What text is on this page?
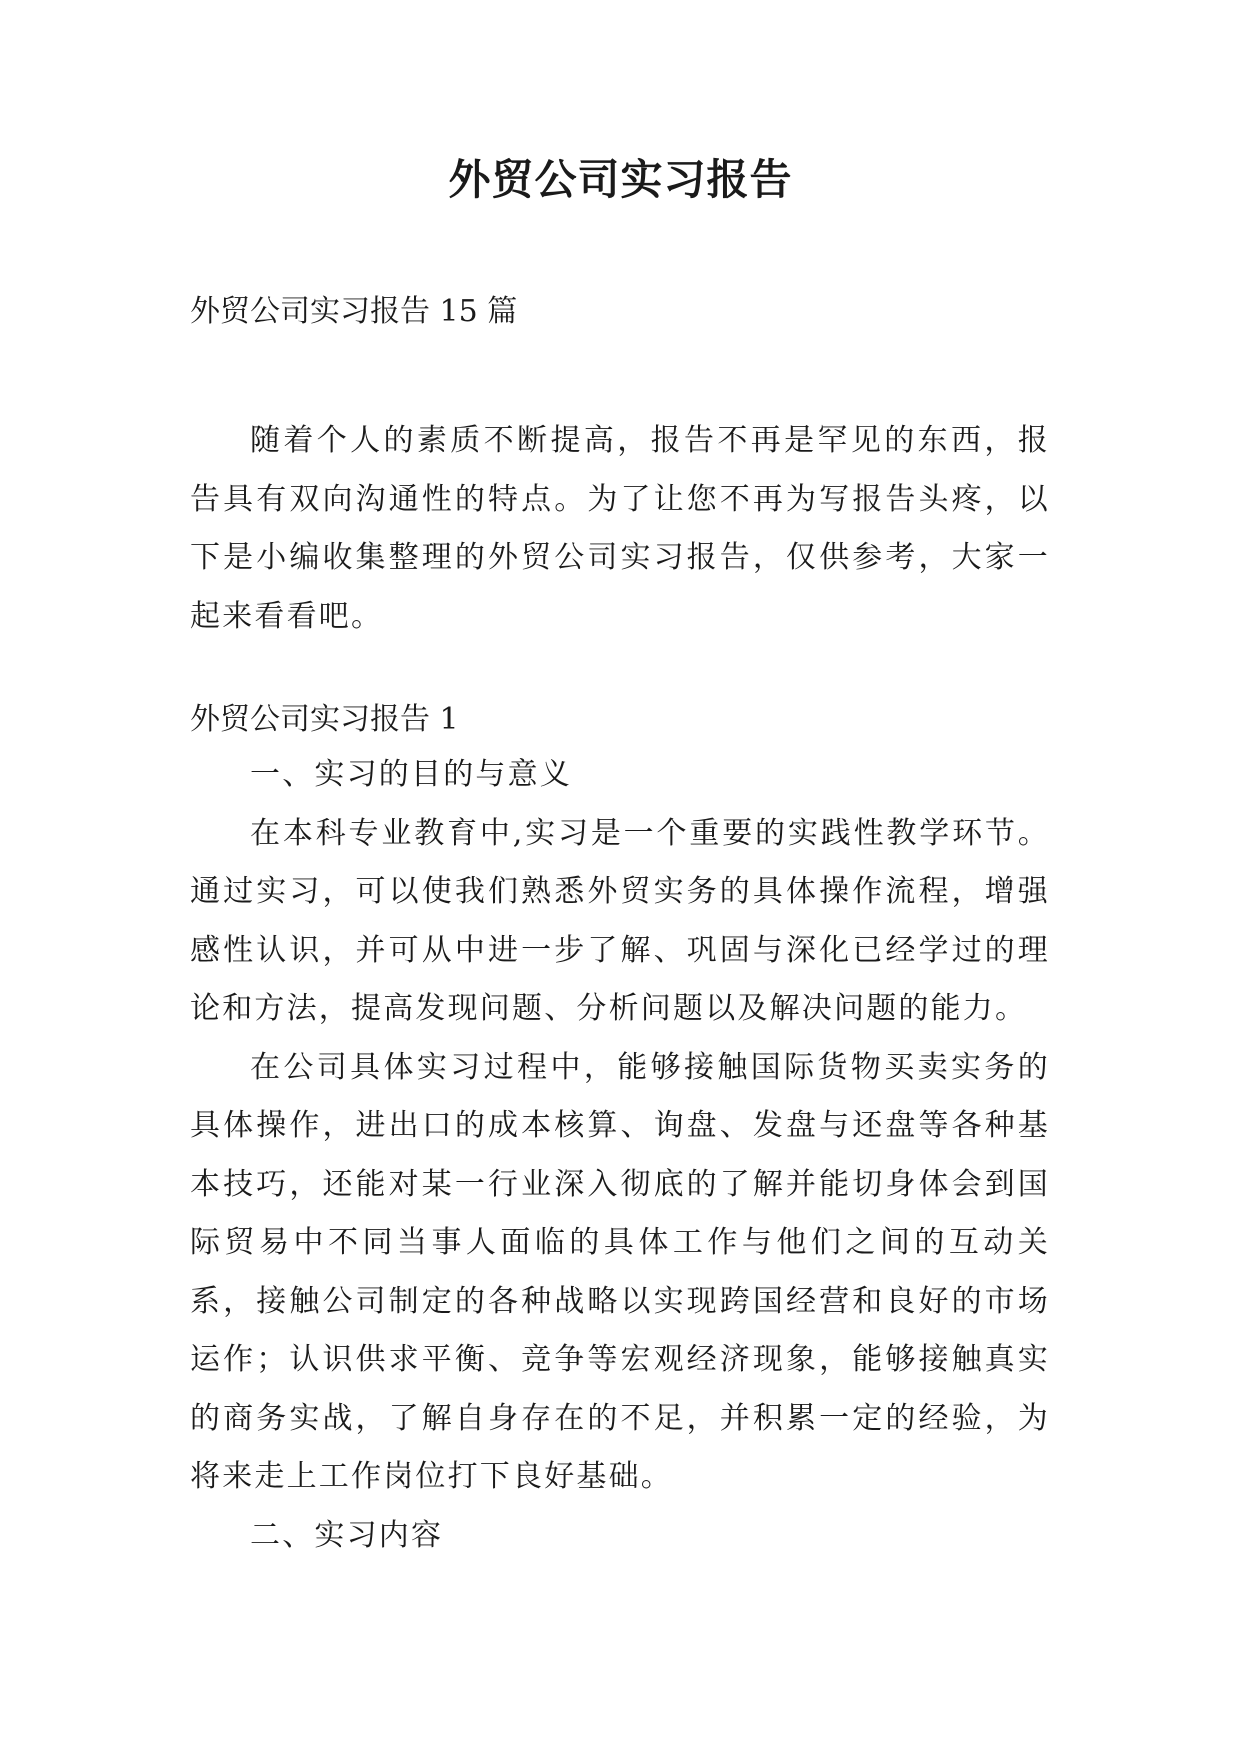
外贸公司实习报告
外贸公司实习报告 15 篇

随着个人的素质不断提高，报告不再是罕见的东西，报告具有双向沟通性的特点。为了让您不再为写报告头疼，以下是小编收集整理的外贸公司实习报告，仅供参考，大家一起来看看吧。

外贸公司实习报告 1

一、实习的目的与意义

在本科专业教育中,实习是一个重要的实践性教学环节。通过实习，可以使我们熟悉外贸实务的具体操作流程，增强感性认识，并可从中进一步了解、巩固与深化已经学过的理论和方法，提高发现问题、分析问题以及解决问题的能力。

在公司具体实习过程中，能够接触国际货物买卖实务的具体操作，进出口的成本核算、询盘、发盘与还盘等各种基本技巧，还能对某一行业深入彻底的了解并能切身体会到国际贸易中不同当事人面临的具体工作与他们之间的互动关系，接触公司制定的各种战略以实现跨国经营和良好的市场运作；认识供求平衡、竞争等宏观经济现象，能够接触真实的商务实战，了解自身存在的不足，并积累一定的经验，为将来走上工作岗位打下良好基础。

二、实习内容
